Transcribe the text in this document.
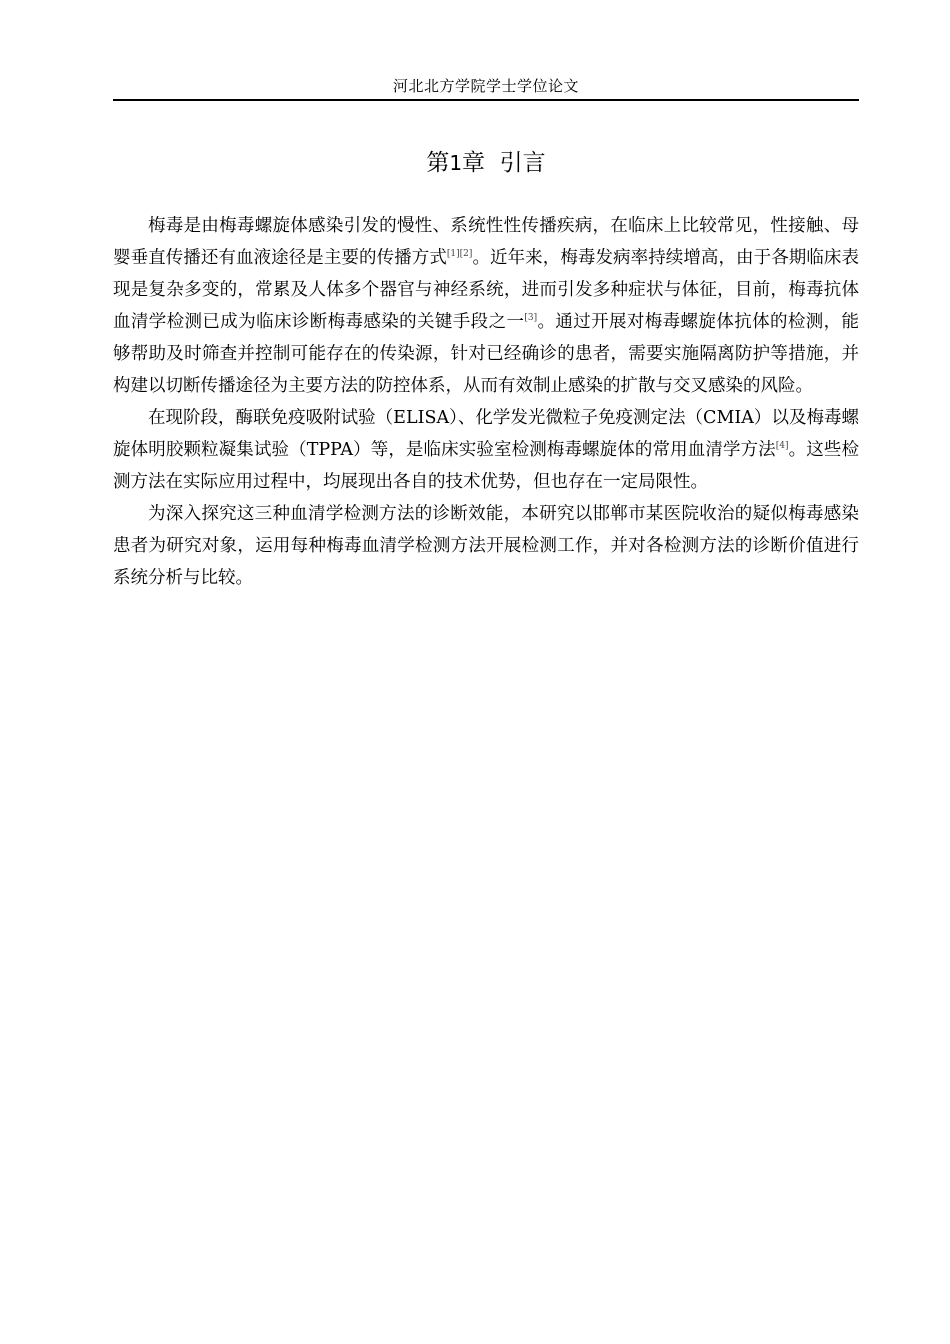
河北北方学院学士学位论文
第1章 引言

梅毒是由梅毒螺旋体感染引发的慢性、系统性性传播疾病，在临床上比较常见，性接触、母婴垂直传播还有血液途径是主要的传播方式[1][2]。近年来，梅毒发病率持续增高，由于各期临床表现是复杂多变的，常累及人体多个器官与神经系统，进而引发多种症状与体征，目前，梅毒抗体血清学检测已成为临床诊断梅毒感染的关键手段之一[3]。通过开展对梅毒螺旋体抗体的检测，能够帮助及时筛查并控制可能存在的传染源，针对已经确诊的患者，需要实施隔离防护等措施，并构建以切断传播途径为主要方法的防控体系，从而有效制止感染的扩散与交叉感染的风险。

在现阶段，酶联免疫吸附试验（ELISA）、化学发光微粒子免疫测定法（CMIA）以及梅毒螺旋体明胶颗粒凝集试验（TPPA）等，是临床实验室检测梅毒螺旋体的常用血清学方法[4]。这些检测方法在实际应用过程中，均展现出各自的技术优势，但也存在一定局限性。

为深入探究这三种血清学检测方法的诊断效能，本研究以邯郸市某医院收治的疑似梅毒感染患者为研究对象，运用每种梅毒血清学检测方法开展检测工作，并对各检测方法的诊断价值进行系统分析与比较。
